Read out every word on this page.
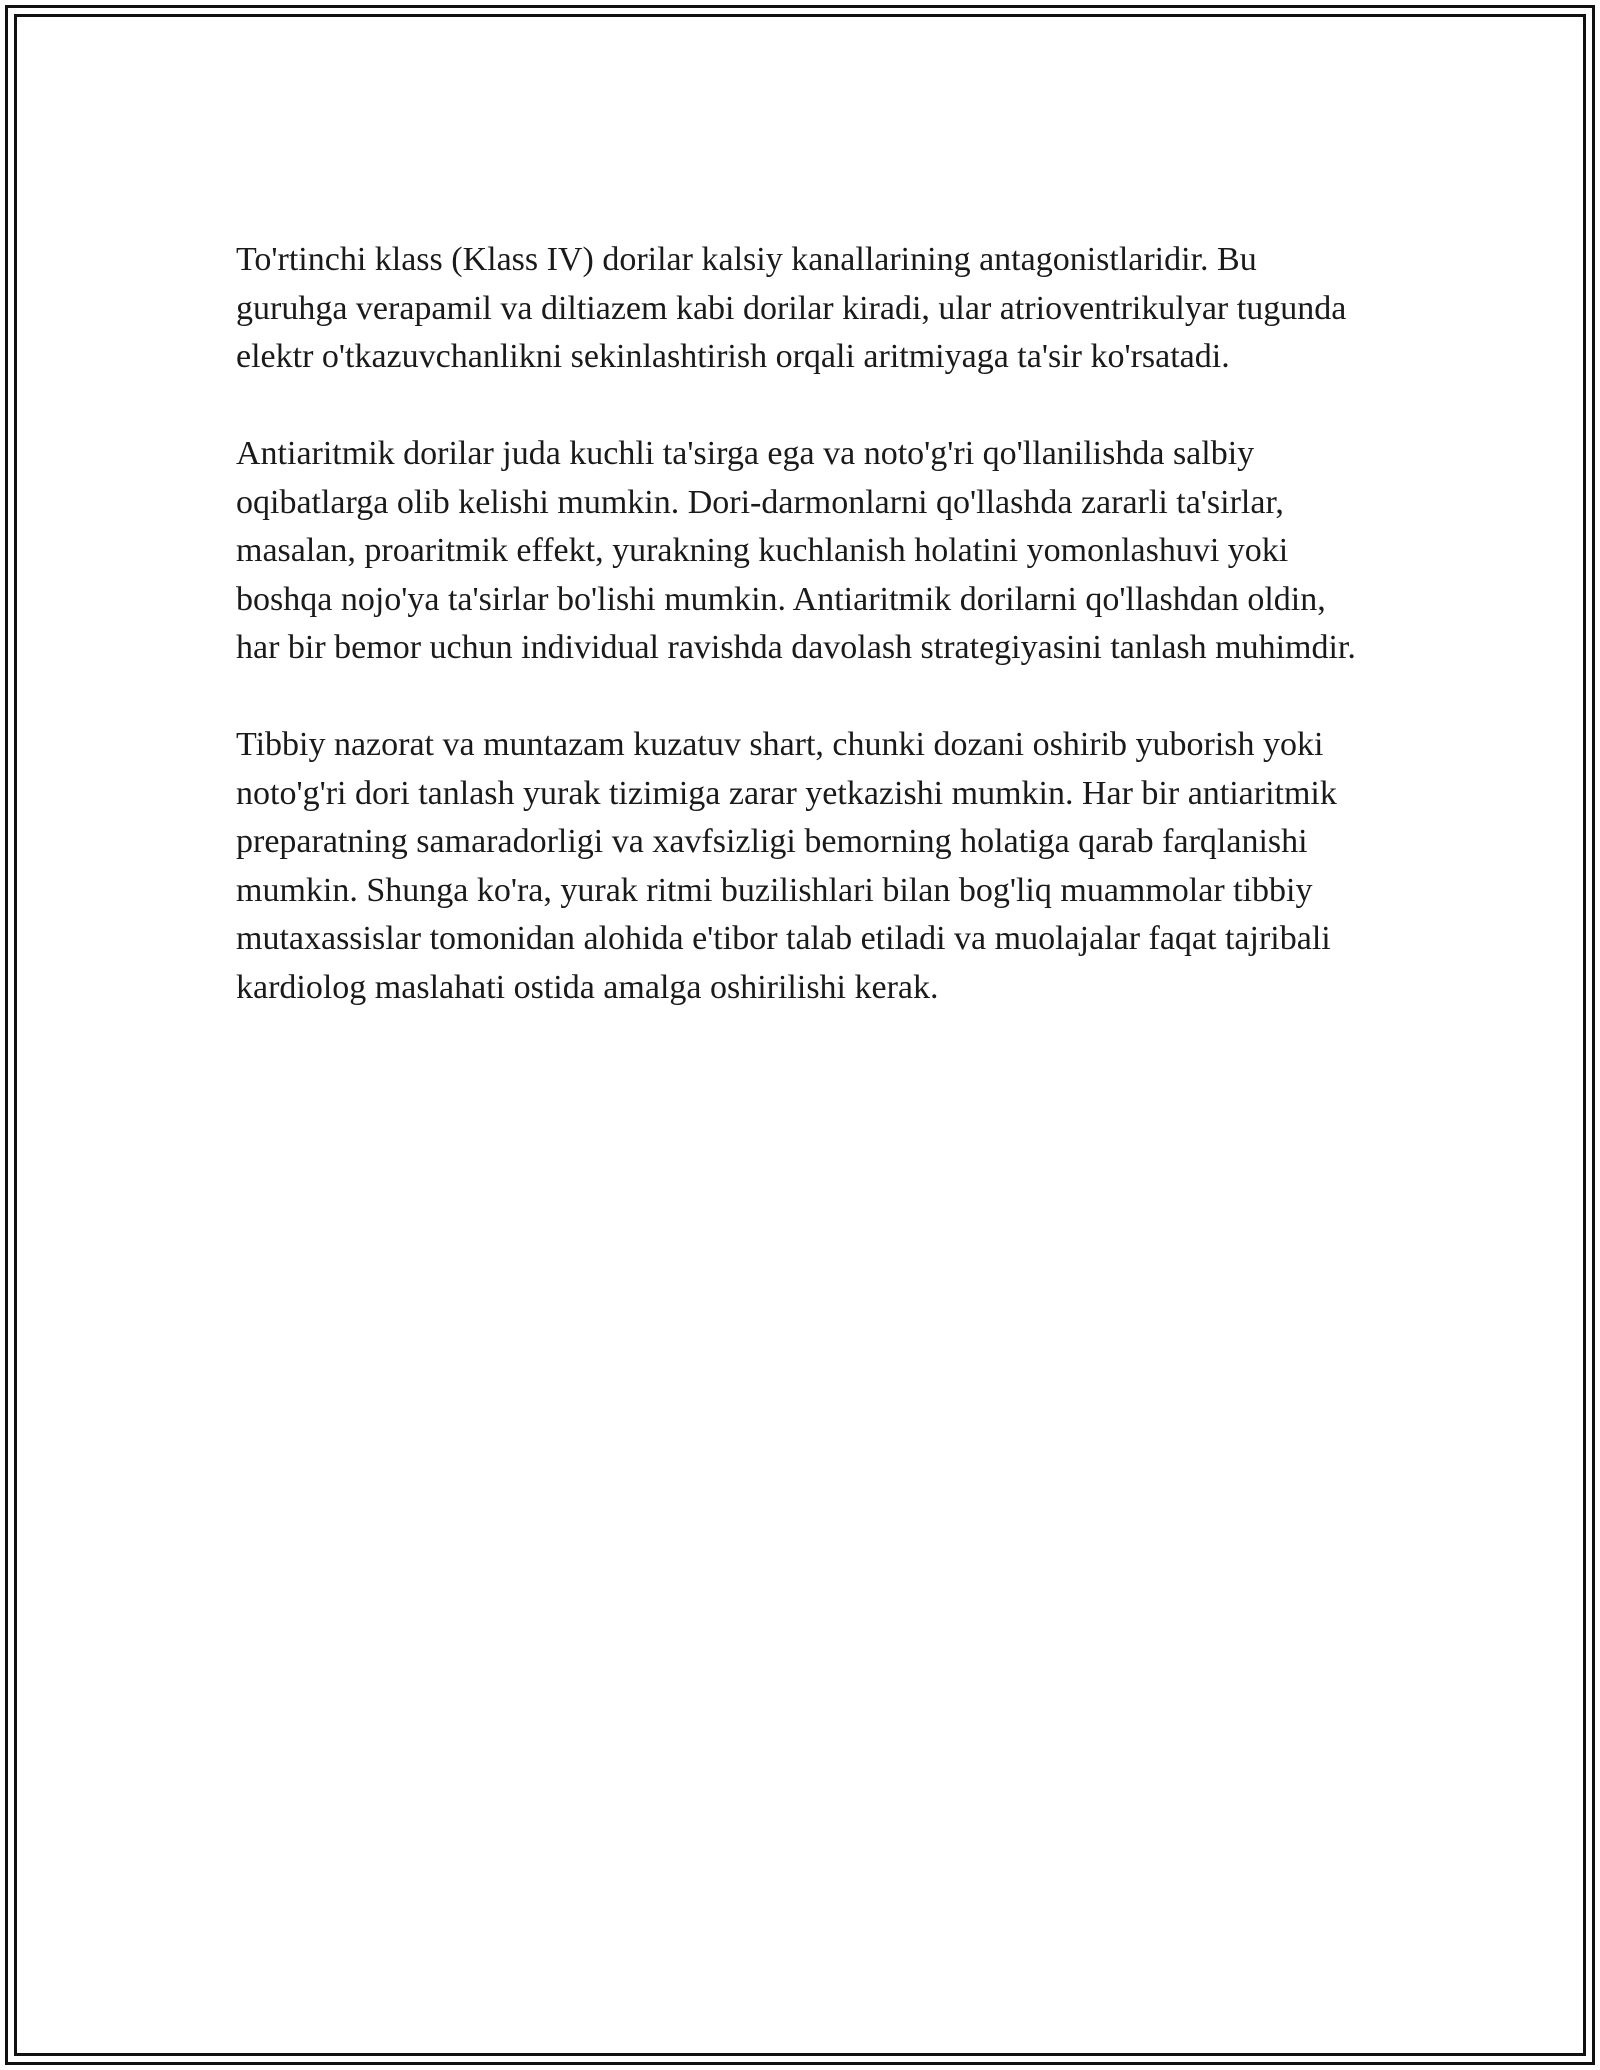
To'rtinchi klass (Klass IV) dorilar kalsiy kanallarining antagonistlaridir. Bu guruhga verapamil va diltiazem kabi dorilar kiradi, ular atrioventrikulyar tugunda elektr o'tkazuvchanlikni sekinlashtirish orqali aritmiyaga ta'sir ko'rsatadi.

Antiaritmik dorilar juda kuchli ta'sirga ega va noto'g'ri qo'llanilishda salbiy oqibatlarga olib kelishi mumkin. Dori-darmonlarni qo'llashda zararli ta'sirlar, masalan, proaritmik effekt, yurakning kuchlanish holatini yomonlashuvi yoki boshqa nojo'ya ta'sirlar bo'lishi mumkin. Antiaritmik dorilarni qo'llashdan oldin, har bir bemor uchun individual ravishda davolash strategiyasini tanlash muhimdir.

Tibbiy nazorat va muntazam kuzatuv shart, chunki dozani oshirib yuborish yoki noto'g'ri dori tanlash yurak tizimiga zarar yetkazishi mumkin. Har bir antiaritmik preparatning samaradorligi va xavfsizligi bemorning holatiga qarab farqlanishi mumkin. Shunga ko'ra, yurak ritmi buzilishlari bilan bog'liq muammolar tibbiy mutaxassislar tomonidan alohida e'tibor talab etiladi va muolajalar faqat tajribali kardiolog maslahati ostida amalga oshirilishi kerak.
